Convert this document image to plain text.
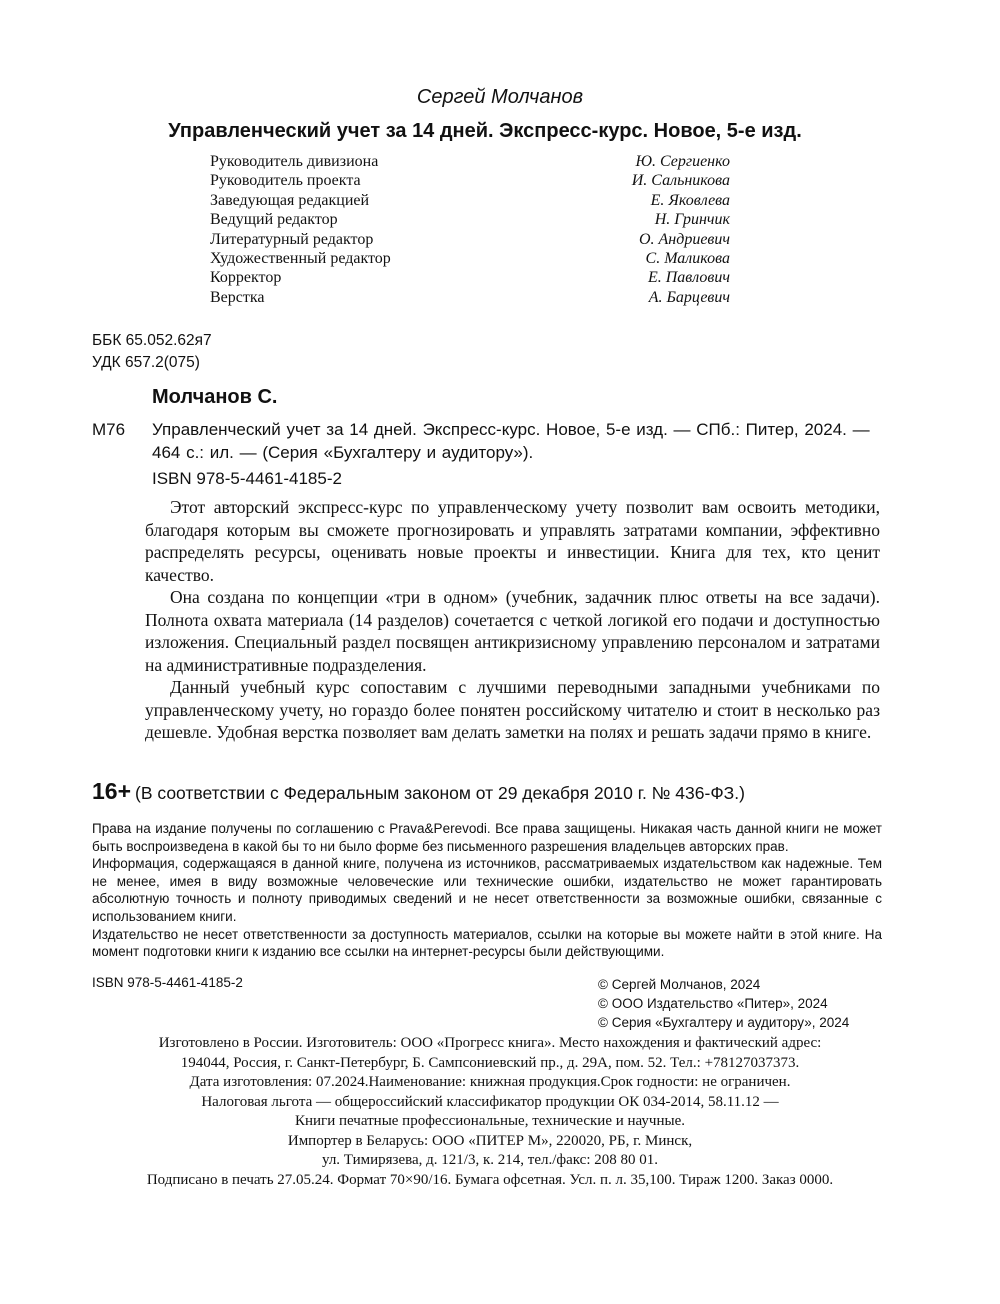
Сергей Молчанов
Управленческий учет за 14 дней. Экспресс-курс. Новое, 5-е изд.
Руководитель дивизиона	Ю. Сергиенко
Руководитель проекта	И. Сальникова
Заведующая редакцией	Е. Яковлева
Ведущий редактор	Н. Гринчик
Литературный редактор	О. Андриевич
Художественный редактор	С. Маликова
Корректор	Е. Павлович
Верстка	А. Барцевич
ББК 65.052.62я7
УДК 657.2(075)
Молчанов С.
М76 Управленческий учет за 14 дней. Экспресс-курс. Новое, 5-е изд. — СПб.: Питер, 2024. — 464 с.: ил. — (Серия «Бухгалтеру и аудитору»).
ISBN 978-5-4461-4185-2

Этот авторский экспресс-курс по управленческому учету позволит вам освоить методики, благодаря которым вы сможете прогнозировать и управлять затратами компании, эффективно распределять ресурсы, оценивать новые проекты и инвестиции. Книга для тех, кто ценит качество.

Она создана по концепции «три в одном» (учебник, задачник плюс ответы на все задачи). Полнота охвата материала (14 разделов) сочетается с четкой логикой его подачи и доступностью изложения. Специальный раздел посвящен антикризисному управлению персоналом и затратами на административные подразделения.

Данный учебный курс сопоставим с лучшими переводными западными учебниками по управленческому учету, но гораздо более понятен российскому читателю и стоит в несколько раз дешевле. Удобная верстка позволяет вам делать заметки на полях и решать задачи прямо в книге.

16+ (В соответствии с Федеральным законом от 29 декабря 2010 г. № 436-ФЗ.)

Права на издание получены по соглашению с Prava&Perevodi. Все права защищены. Никакая часть данной книги не может быть воспроизведена в какой бы то ни было форме без письменного разрешения владельцев авторских прав.

Информация, содержащаяся в данной книге, получена из источников, рассматриваемых издательством как надежные. Тем не менее, имея в виду возможные человеческие или технические ошибки, издательство не может гарантировать абсолютную точность и полноту приводимых сведений и не несет ответственности за возможные ошибки, связанные с использованием книги.

Издательство не несет ответственности за доступность материалов, ссылки на которые вы можете найти в этой книге. На момент подготовки книги к изданию все ссылки на интернет-ресурсы были действующими.

ISBN 978-5-4461-4185-2	© Сергей Молчанов, 2024
© ООО Издательство «Питер», 2024
© Серия «Бухгалтеру и аудитору», 2024
Изготовлено в России. Изготовитель: ООО «Прогресс книга». Место нахождения и фактический адрес:
194044, Россия, г. Санкт-Петербург, Б. Сампсониевский пр., д. 29А, пом. 52. Тел.: +78127037373.
Дата изготовления: 07.2024.Наименование: книжная продукция.Срок годности: не ограничен.
Налоговая льгота — общероссийский классификатор продукции ОК 034-2014, 58.11.12 —
Книги печатные профессиональные, технические и научные.
Импортер в Беларусь: ООО «ПИТЕР М», 220020, РБ, г. Минск,
ул. Тимирязева, д. 121/3, к. 214, тел./факс: 208 80 01.
Подписано в печать 27.05.24. Формат 70×90/16. Бумага офсетная. Усл. п. л. 35,100. Тираж 1200. Заказ 0000.
